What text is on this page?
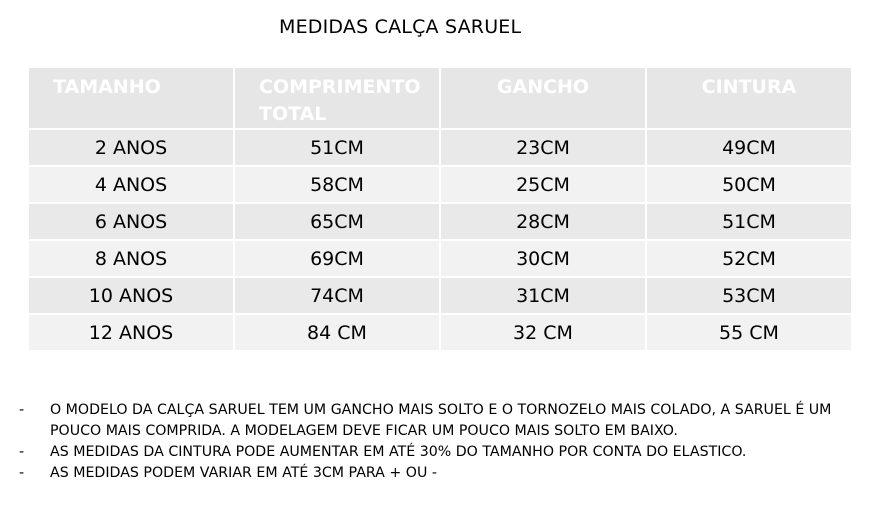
MEDIDAS CALÇA SARUEL
TAMANHO	COMPRIMENTO TOTAL	GANCHO	CINTURA
2 ANOS	51CM	23CM	49CM
4 ANOS	58CM	25CM	50CM
6 ANOS	65CM	28CM	51CM
8 ANOS	69CM	30CM	52CM
10 ANOS	74CM	31CM	53CM
12 ANOS	84 CM	32 CM	55 CM
- O MODELO DA CALÇA SARUEL TEM UM GANCHO MAIS SOLTO E O TORNOZELO MAIS COLADO, A SARUEL É UM POUCO MAIS COMPRIDA. A MODELAGEM DEVE FICAR UM POUCO MAIS SOLTO EM BAIXO.
- AS MEDIDAS DA CINTURA PODE AUMENTAR EM ATÉ 30% DO TAMANHO POR CONTA DO ELASTICO.
- AS MEDIDAS PODEM VARIAR EM ATÉ 3CM PARA + OU -
